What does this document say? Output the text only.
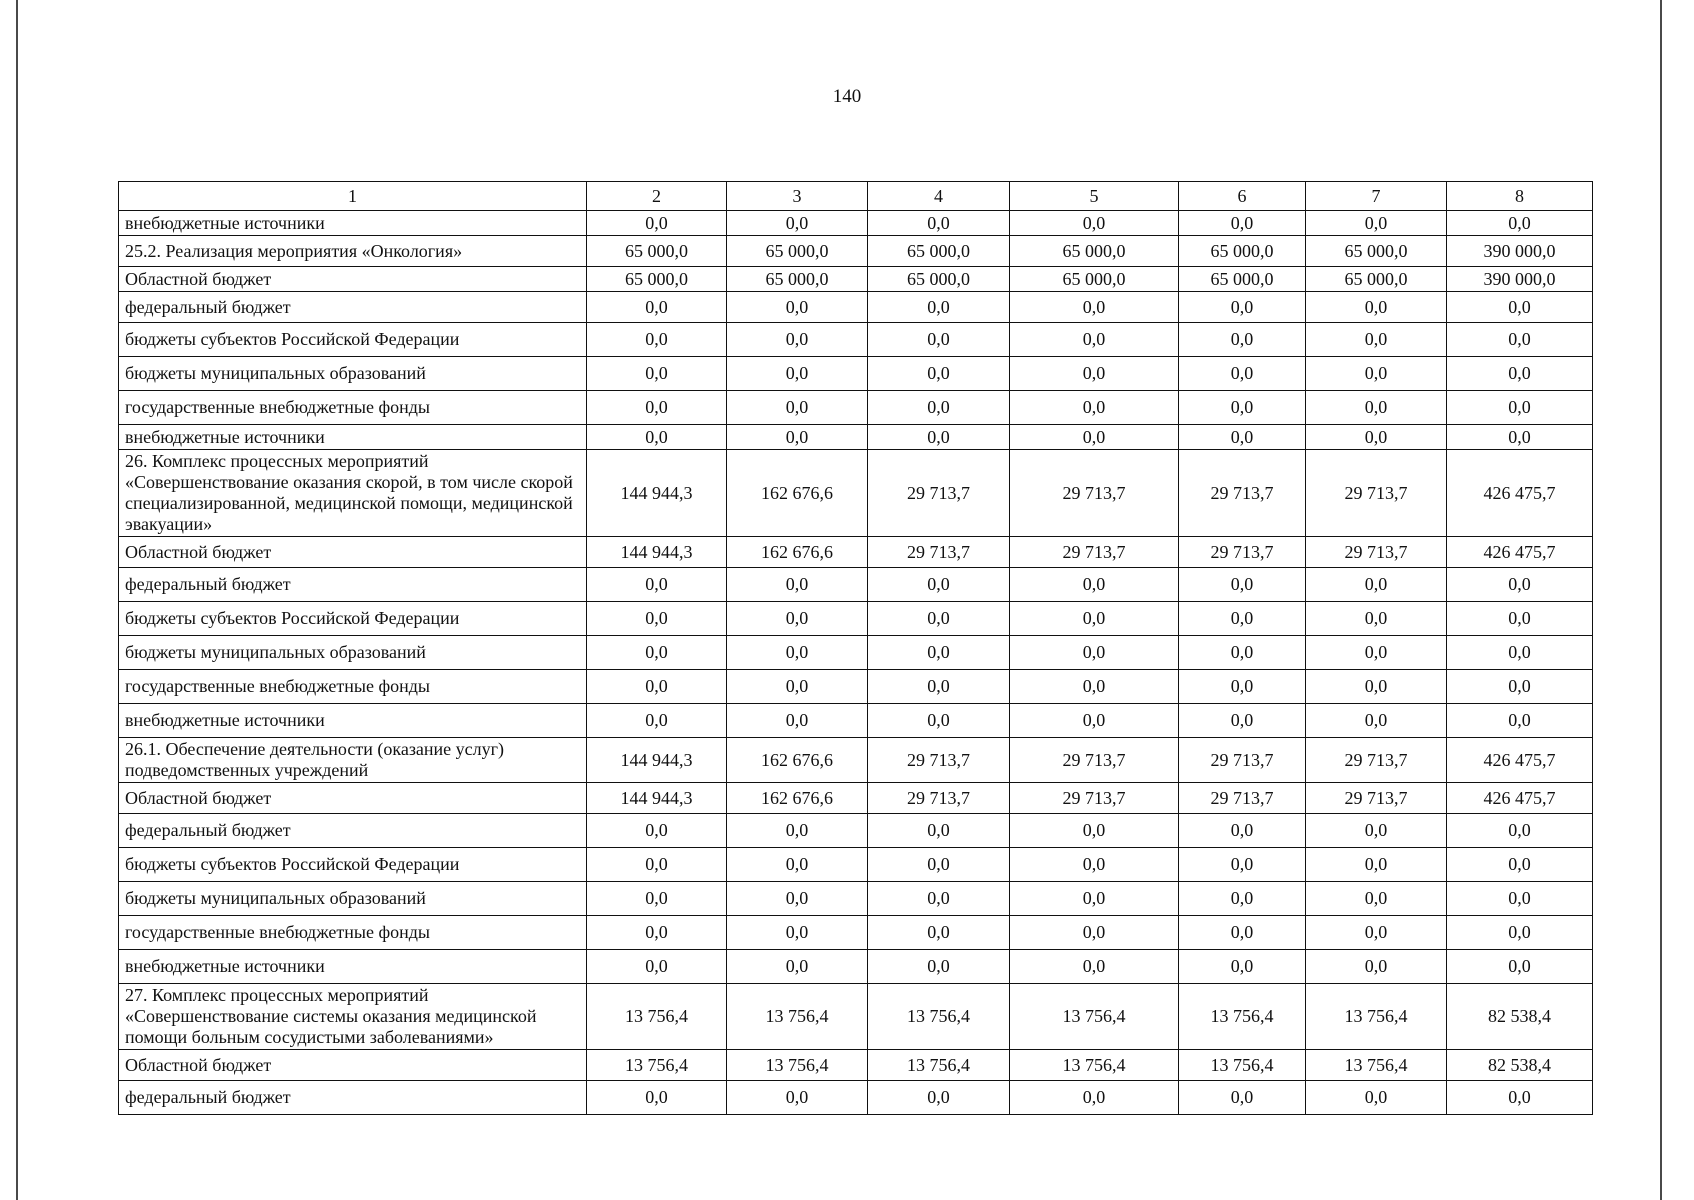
140
1	2	3	4	5	6	7	8
внебюджетные источники	0,0	0,0	0,0	0,0	0,0	0,0	0,0
25.2. Реализация мероприятия «Онкология»	65 000,0	65 000,0	65 000,0	65 000,0	65 000,0	65 000,0	390 000,0
Областной бюджет	65 000,0	65 000,0	65 000,0	65 000,0	65 000,0	65 000,0	390 000,0
федеральный бюджет	0,0	0,0	0,0	0,0	0,0	0,0	0,0
бюджеты субъектов Российской Федерации	0,0	0,0	0,0	0,0	0,0	0,0	0,0
бюджеты муниципальных образований	0,0	0,0	0,0	0,0	0,0	0,0	0,0
государственные внебюджетные фонды	0,0	0,0	0,0	0,0	0,0	0,0	0,0
внебюджетные источники	0,0	0,0	0,0	0,0	0,0	0,0	0,0
26. Комплекс процессных мероприятий «Совершенствование оказания скорой, в том числе скорой специализированной, медицинской помощи, медицинской эвакуации»	144 944,3	162 676,6	29 713,7	29 713,7	29 713,7	29 713,7	426 475,7
Областной бюджет	144 944,3	162 676,6	29 713,7	29 713,7	29 713,7	29 713,7	426 475,7
федеральный бюджет	0,0	0,0	0,0	0,0	0,0	0,0	0,0
бюджеты субъектов Российской Федерации	0,0	0,0	0,0	0,0	0,0	0,0	0,0
бюджеты муниципальных образований	0,0	0,0	0,0	0,0	0,0	0,0	0,0
государственные внебюджетные фонды	0,0	0,0	0,0	0,0	0,0	0,0	0,0
внебюджетные источники	0,0	0,0	0,0	0,0	0,0	0,0	0,0
26.1. Обеспечение деятельности (оказание услуг) подведомственных учреждений	144 944,3	162 676,6	29 713,7	29 713,7	29 713,7	29 713,7	426 475,7
Областной бюджет	144 944,3	162 676,6	29 713,7	29 713,7	29 713,7	29 713,7	426 475,7
федеральный бюджет	0,0	0,0	0,0	0,0	0,0	0,0	0,0
бюджеты субъектов Российской Федерации	0,0	0,0	0,0	0,0	0,0	0,0	0,0
бюджеты муниципальных образований	0,0	0,0	0,0	0,0	0,0	0,0	0,0
государственные внебюджетные фонды	0,0	0,0	0,0	0,0	0,0	0,0	0,0
внебюджетные источники	0,0	0,0	0,0	0,0	0,0	0,0	0,0
27. Комплекс процессных мероприятий «Совершенствование системы оказания медицинской помощи больным сосудистыми заболеваниями»	13 756,4	13 756,4	13 756,4	13 756,4	13 756,4	13 756,4	82 538,4
Областной бюджет	13 756,4	13 756,4	13 756,4	13 756,4	13 756,4	13 756,4	82 538,4
федеральный бюджет	0,0	0,0	0,0	0,0	0,0	0,0	0,0
